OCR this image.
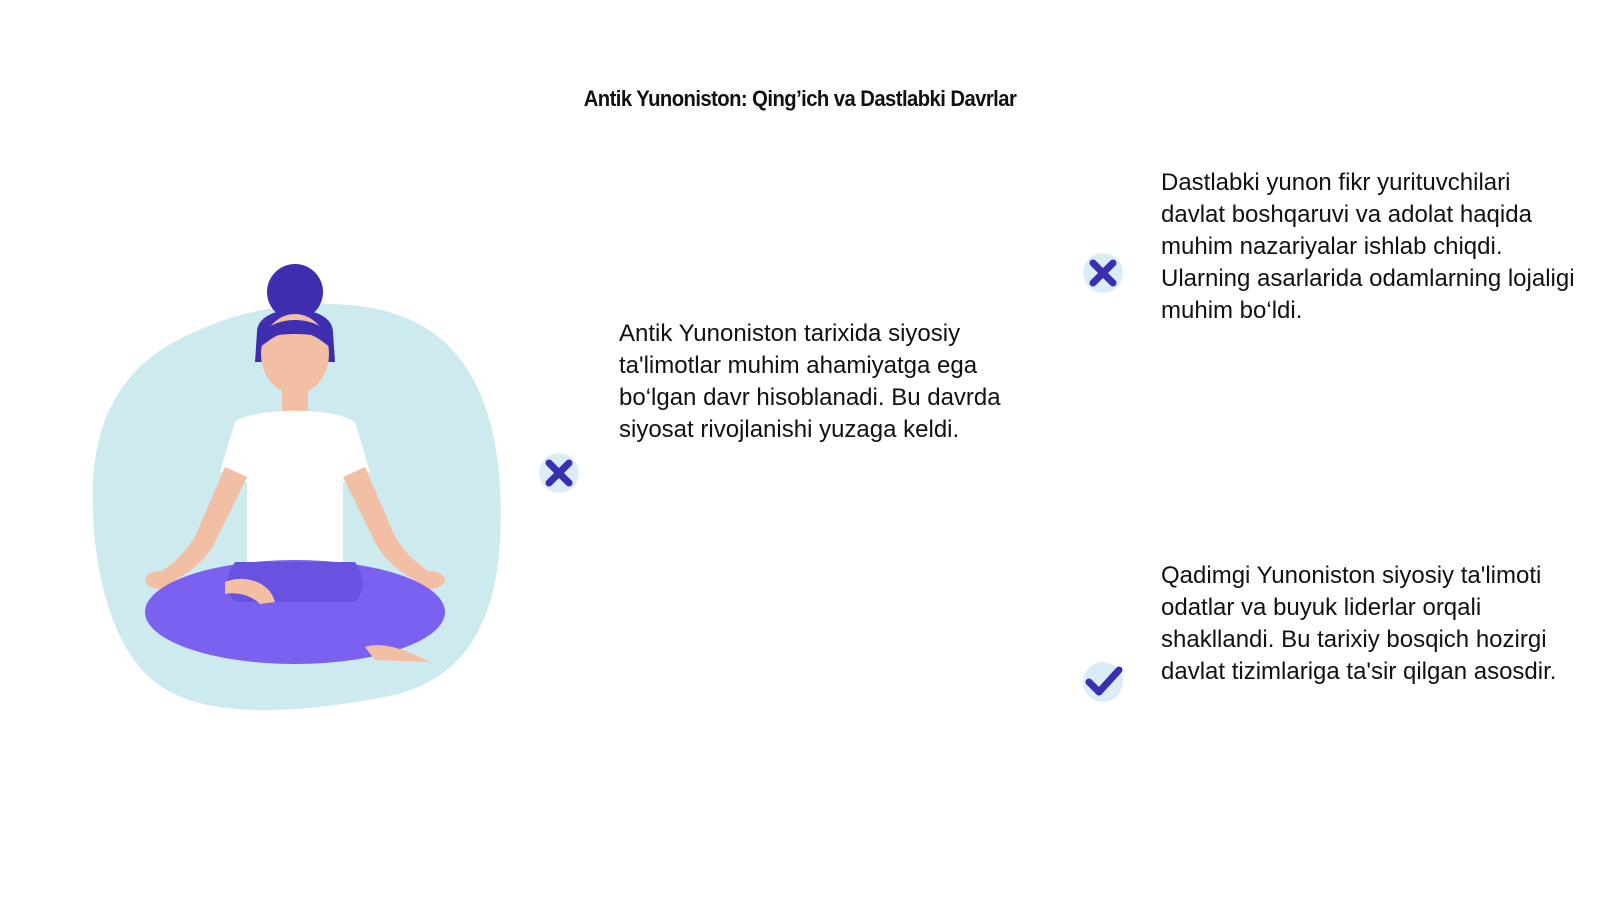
Antik Yunoniston: Qing’ich va Dastlabki Davrlar
Antik Yunoniston tarixida siyosiy ta'limotlar muhim ahamiyatga ega bo‘lgan davr hisoblanadi. Bu davrda siyosat rivojlanishi yuzaga keldi.
Dastlabki yunon fikr yurituvchilari davlat boshqaruvi va adolat haqida muhim nazariyalar ishlab chiqdi. Ularning asarlarida odamlarning lojaligi muhim bo‘ldi.
Qadimgi Yunoniston siyosiy ta'limoti odatlar va buyuk liderlar orqali shakllandi. Bu tarixiy bosqich hozirgi davlat tizimlariga ta'sir qilgan asosdir.
